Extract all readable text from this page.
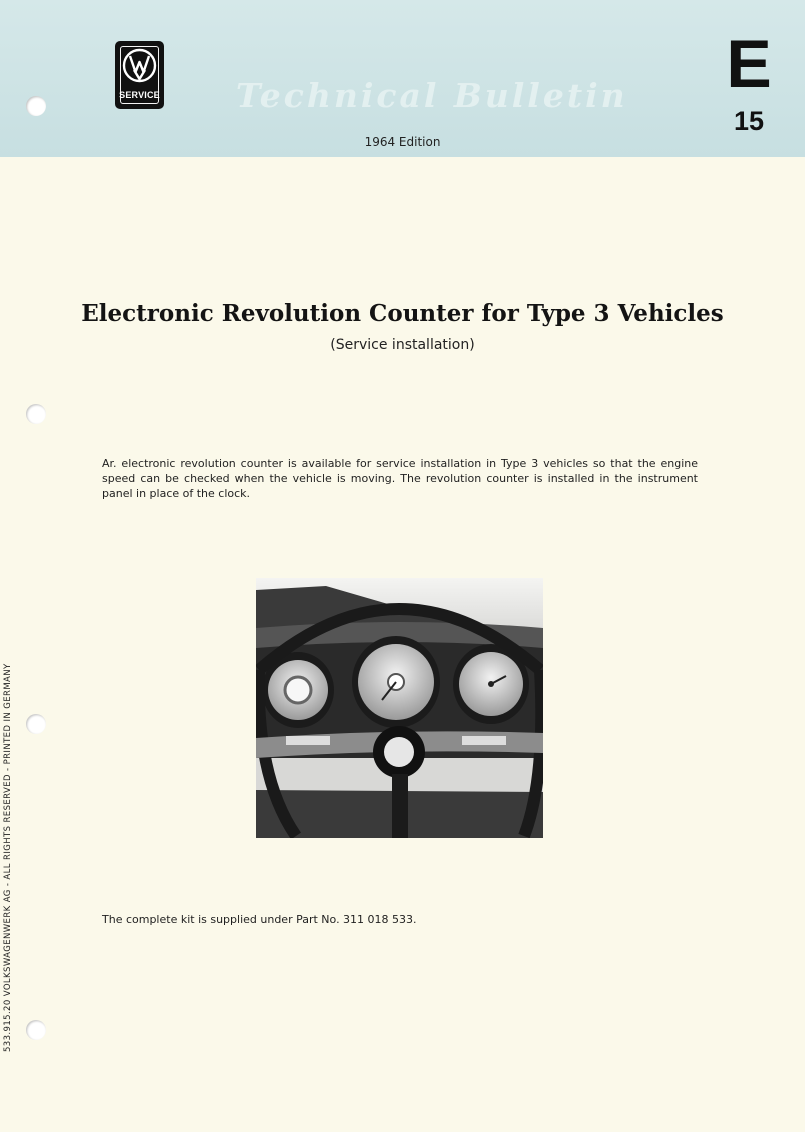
SERVICE Technical Bulletin
1964 Edition
E
15
Electronic Revolution Counter for Type 3 Vehicles
(Service installation)
Ar. electronic revolution counter is available for service installation in Type 3 vehicles so that the engine speed can be checked when the vehicle is moving. The revolution counter is installed in the instrument panel in place of the clock.
The complete kit is supplied under Part No. 311 018 533.
533.915.20 VOLKSWAGENWERK AG - ALL RIGHTS RESERVED - PRINTED IN GERMANY
